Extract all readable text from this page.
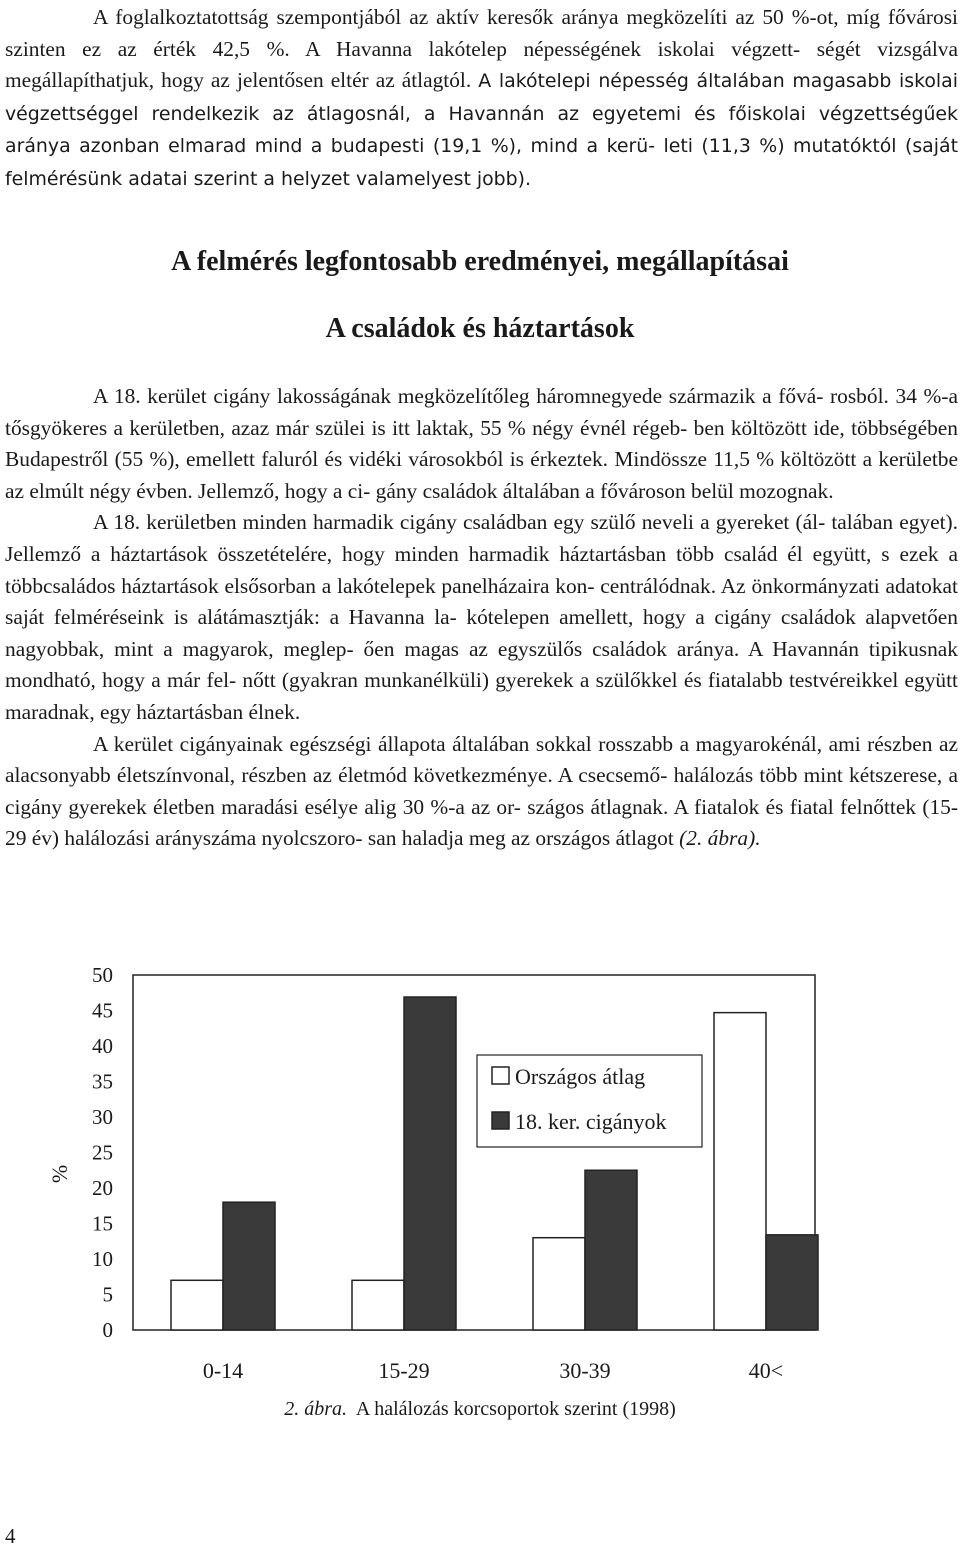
A foglalkoztatottság szempontjából az aktív keresők aránya megközelíti az 50 %-ot, míg fővárosi szinten ez az érték 42,5 %. A Havanna lakótelep népességének iskolai végzett- ségét vizsgálva megállapíthatjuk, hogy az jelentősen eltér az átlagtól. A lakótelepi népesség általában magasabb iskolai végzettséggel rendelkezik az átlagosnál, a Havannán az egyetemi és főiskolai végzettségűek aránya azonban elmarad mind a budapesti (19,1 %), mind a kerü- leti (11,3 %) mutatóktól (saját felmérésünk adatai szerint a helyzet valamelyest jobb).

A felmérés legfontosabb eredményei, megállapításai
A családok és háztartások

A 18. kerület cigány lakosságának megközelítőleg háromnegyede származik a fővá- rosból. 34 %-a tősgyökeres a kerületben, azaz már szülei is itt laktak, 55 % négy évnél régeb- ben költözött ide, többségében Budapestről (55 %), emellett faluról és vidéki városokból is érkeztek. Mindössze 11,5 % költözött a kerületbe az elmúlt négy évben. Jellemző, hogy a ci- gány családok általában a fővároson belül mozognak.

A 18. kerületben minden harmadik cigány családban egy szülő neveli a gyereket (ál- talában egyet). Jellemző a háztartások összetételére, hogy minden harmadik háztartásban több család él együtt, s ezek a többcsaládos háztartások elsősorban a lakótelepek panelházaira kon- centrálódnak. Az önkormányzati adatokat saját felméréseink is alátámasztják: a Havanna la- kótelepen amellett, hogy a cigány családok alapvetően nagyobbak, mint a magyarok, meglep- ően magas az egyszülős családok aránya. A Havannán tipikusnak mondható, hogy a már fel- nőtt (gyakran munkanélküli) gyerekek a szülőkkel és fiatalabb testvéreikkel együtt maradnak, egy háztartásban élnek.

A kerület cigányainak egészségi állapota általában sokkal rosszabb a magyarokénál, ami részben az alacsonyabb életszínvonal, részben az életmód következménye. A csecsemő- halálozás több mint kétszerese, a cigány gyerekek életben maradási esélye alig 30 %-a az or- szágos átlagnak. A fiatalok és fiatal felnőttek (15-29 év) halálozási arányszáma nyolcszoro- san haladja meg az országos átlagot (2. ábra).

0
5
10
15
20
25
30
35
40
45
50
%
0-14	15-29	30-39	40<
Országos átlag
18. ker. cigányok
2. ábra. A halálozás korcsoportok szerint (1998)
4
